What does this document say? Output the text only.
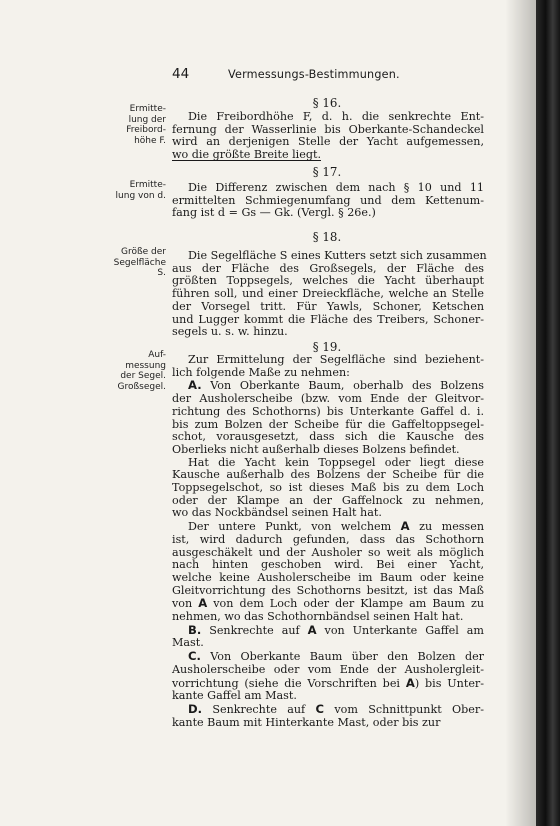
44	Vermessungs-Bestimmungen.
§ 16.
Ermitte-
lung der
Freibord-
höhe F.
Die Freibordhöhe F, d. h. die senkrechte Ent-
fernung der Wasserlinie bis Oberkante-Schandeckel
wird an derjenigen Stelle der Yacht aufgemessen,
wo die größte Breite liegt.
§ 17.
Ermitte-
lung von d.
Die Differenz zwischen dem nach § 10 und 11
ermittelten Schmiegenumfang und dem Kettenum-
fang ist d = Gs — Gk. (Vergl. § 26e.)
§ 18.
Größe der
Segelfläche
S.
Die Segelfläche S eines Kutters setzt sich zusammen
aus der Fläche des Großsegels, der Fläche des
größten Toppsegels, welches die Yacht überhaupt
führen soll, und einer Dreieckfläche, welche an Stelle
der Vorsegel tritt. Für Yawls, Schoner, Ketschen
und Lugger kommt die Fläche des Treibers, Schoner-
segels u. s. w. hinzu.
§ 19.
Auf-
messung
der Segel.
Großsegel.
Zur Ermittelung der Segelfläche sind beziehent-
lich folgende Maße zu nehmen:
A. Von Oberkante Baum, oberhalb des Bolzens
der Ausholerscheibe (bzw. vom Ende der Gleitvor-
richtung des Schothorns) bis Unterkante Gaffel d. i.
bis zum Bolzen der Scheibe für die Gaffeltoppsegel-
schot, vorausgesetzt, dass sich die Kausche des
Oberlieks nicht außerhalb dieses Bolzens befindet.
Hat die Yacht kein Toppsegel oder liegt diese
Kausche außerhalb des Bolzens der Scheibe für die
Toppsegelschot, so ist dieses Maß bis zu dem Loch
oder der Klampe an der Gaffelnock zu nehmen,
wo das Nockbändsel seinen Halt hat.
Der untere Punkt, von welchem A zu messen
ist, wird dadurch gefunden, dass das Schothorn
ausgeschäkelt und der Ausholer so weit als möglich
nach hinten geschoben wird. Bei einer Yacht,
welche keine Ausholerscheibe im Baum oder keine
Gleitvorrichtung des Schothorns besitzt, ist das Maß
von A von dem Loch oder der Klampe am Baum zu
nehmen, wo das Schothornbändsel seinen Halt hat.
B. Senkrechte auf A von Unterkante Gaffel am
Mast.
C. Von Oberkante Baum über den Bolzen der
Ausholerscheibe oder vom Ende der Ausholergleit-
vorrichtung (siehe die Vorschriften bei A) bis Unter-
kante Gaffel am Mast.
D. Senkrechte auf C vom Schnittpunkt Ober-
kante Baum mit Hinterkante Mast, oder bis zur
